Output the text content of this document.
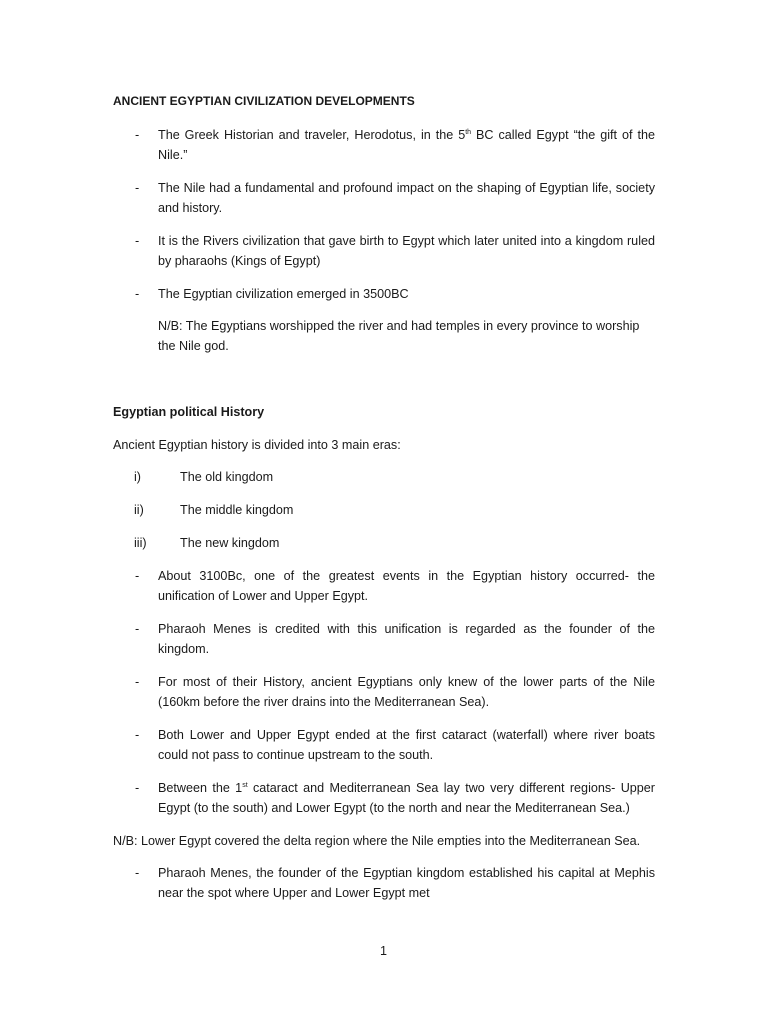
ANCIENT EGYPTIAN CIVILIZATION DEVELOPMENTS
- The Greek Historian and traveler, Herodotus, in the 5th BC called Egypt “the gift of the Nile.”
- The Nile had a fundamental and profound impact on the shaping of Egyptian life, society and history.
- It is the Rivers civilization that gave birth to Egypt which later united into a kingdom ruled by pharaohs (Kings of Egypt)
- The Egyptian civilization emerged in 3500BC
N/B: The Egyptians worshipped the river and had temples in every province to worship the Nile god.
Egyptian political History
Ancient Egyptian history is divided into 3 main eras:
i)	The old kingdom
ii)	The middle kingdom
iii)	The new kingdom
- About 3100Bc, one of the greatest events in the Egyptian history occurred- the unification of Lower and Upper Egypt.
- Pharaoh Menes is credited with this unification is regarded as the founder of the kingdom.
- For most of their History, ancient Egyptians only knew of the lower parts of the Nile (160km before the river drains into the Mediterranean Sea).
- Both Lower and Upper Egypt ended at the first cataract (waterfall) where river boats could not pass to continue upstream to the south.
- Between the 1st cataract and Mediterranean Sea lay two very different regions- Upper Egypt (to the south) and Lower Egypt (to the north and near the Mediterranean Sea.)
N/B: Lower Egypt covered the delta region where the Nile empties into the Mediterranean Sea.
- Pharaoh Menes, the founder of the Egyptian kingdom established his capital at Mephis near the spot where Upper and Lower Egypt met
1
